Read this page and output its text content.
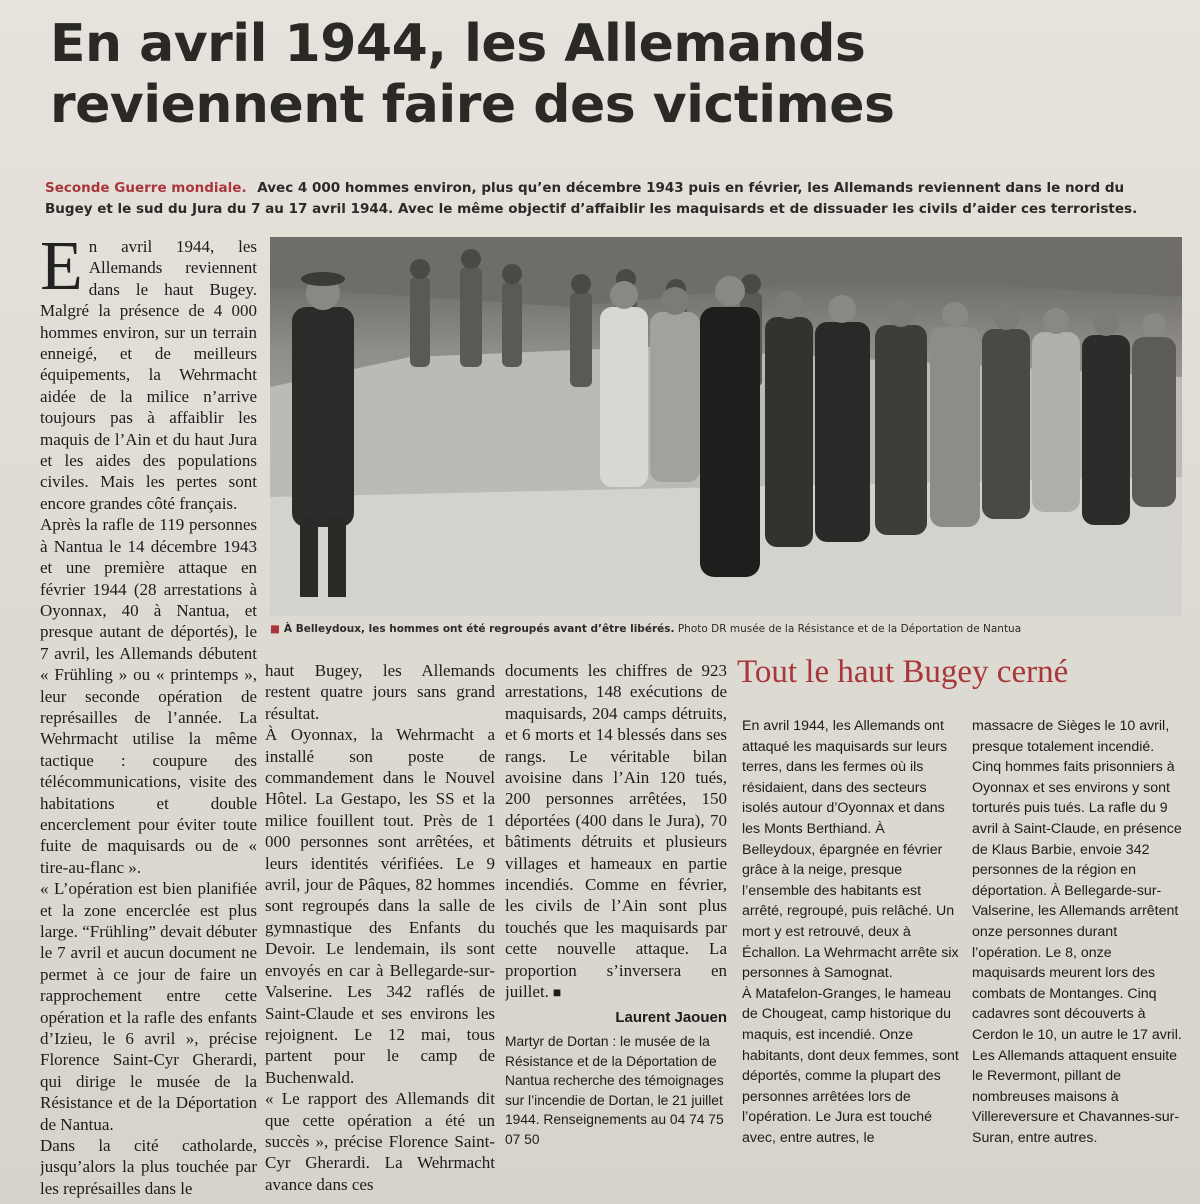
En avril 1944, les Allemands
reviennent faire des victimes
Seconde Guerre mondiale. Avec 4 000 hommes environ, plus qu’en décembre 1943 puis en février, les Allemands reviennent dans le nord du Bugey et le sud du Jura du 7 au 17 avril 1944. Avec le même objectif d’affaiblir les maquisards et de dissuader les civils d’aider ces terroristes.
E n avril 1944, les Allemands reviennent dans le haut Bugey. Malgré la présence de 4 000 hommes environ, sur un terrain enneigé, et de meilleurs équipements, la Wehrmacht aidée de la milice n’arrive toujours pas à affaiblir les maquis de l’Ain et du haut Jura et les aides des populations civiles. Mais les pertes sont encore grandes côté français.

Après la rafle de 119 personnes à Nantua le 14 décembre 1943 et une première attaque en février 1944 (28 arrestations à Oyonnax, 40 à Nantua, et presque autant de déportés), le 7 avril, les Allemands débutent « Frühling » ou « printemps », leur seconde opération de représailles de l’année. La Wehrmacht utilise la même tactique : coupure des télécommunications, visite des habitations et double encerclement pour éviter toute fuite de maquisards ou de « tire-au-flanc ».

« L’opération est bien planifiée et la zone encerclée est plus large. “Frühling” devait débuter le 7 avril et aucun document ne permet à ce jour de faire un rapprochement entre cette opération et la rafle des enfants d’Izieu, le 6 avril », précise Florence Saint-Cyr Gherardi, qui dirige le musée de la Résistance et de la Déportation de Nantua.

Dans la cité catholarde, jusqu’alors la plus touchée par les représailles dans le

■ À Belleydoux, les hommes ont été regroupés avant d’être libérés. Photo DR musée de la Résistance et de la Déportation de Nantua

haut Bugey, les Allemands restent quatre jours sans grand résultat.

À Oyonnax, la Wehrmacht a installé son poste de commandement dans le Nouvel Hôtel. La Gestapo, les SS et la milice fouillent tout. Près de 1 000 personnes sont arrêtées, et leurs identités vérifiées. Le 9 avril, jour de Pâques, 82 hommes sont regroupés dans la salle de gymnastique des Enfants du Devoir. Le lendemain, ils sont envoyés en car à Bellegarde-sur-Valserine. Les 342 raflés de Saint-Claude et ses environs les rejoignent. Le 12 mai, tous partent pour le camp de Buchenwald.

« Le rapport des Allemands dit que cette opération a été un succès », précise Florence Saint-Cyr Gherardi. La Wehrmacht avance dans ces

documents les chiffres de 923 arrestations, 148 exécutions de maquisards, 204 camps détruits, et 6 morts et 14 blessés dans ses rangs. Le véritable bilan avoisine dans l’Ain 120 tués, 200 personnes arrêtées, 150 déportées (400 dans le Jura), 70 bâtiments détruits et plusieurs villages et hameaux en partie incendiés. Comme en février, les civils de l’Ain sont plus touchés que les maquisards par cette nouvelle attaque. La proportion s’inversera en juillet. ■

Laurent Jaouen

Martyr de Dortan : le musée de la Résistance et de la Déportation de Nantua recherche des témoignages sur l’incendie de Dortan, le 21 juillet 1944. Renseignements au 04 74 75 07 50

Tout le haut Bugey cerné

En avril 1944, les Allemands ont attaqué les maquisards sur leurs terres, dans les fermes où ils résidaient, dans des secteurs isolés autour d’Oyonnax et dans les Monts Berthiand. À Belleydoux, épargnée en février grâce à la neige, presque l’ensemble des habitants est arrêté, regroupé, puis relâché. Un mort y est retrouvé, deux à Échallon. La Wehrmacht arrête six personnes à Samognat.

À Matafelon-Granges, le hameau de Chougeat, camp historique du maquis, est incendié. Onze habitants, dont deux femmes, sont déportés, comme la plupart des personnes arrêtées lors de l’opération. Le Jura est touché avec, entre autres, le

massacre de Sièges le 10 avril, presque totalement incendié. Cinq hommes faits prisonniers à Oyonnax et ses environs y sont torturés puis tués. La rafle du 9 avril à Saint-Claude, en présence de Klaus Barbie, envoie 342 personnes de la région en déportation. À Bellegarde-sur-Valserine, les Allemands arrêtent onze personnes durant l’opération. Le 8, onze maquisards meurent lors des combats de Montanges. Cinq cadavres sont découverts à Cerdon le 10, un autre le 17 avril. Les Allemands attaquent ensuite le Revermont, pillant de nombreuses maisons à Villereversure et Chavannes-sur-Suran, entre autres.
